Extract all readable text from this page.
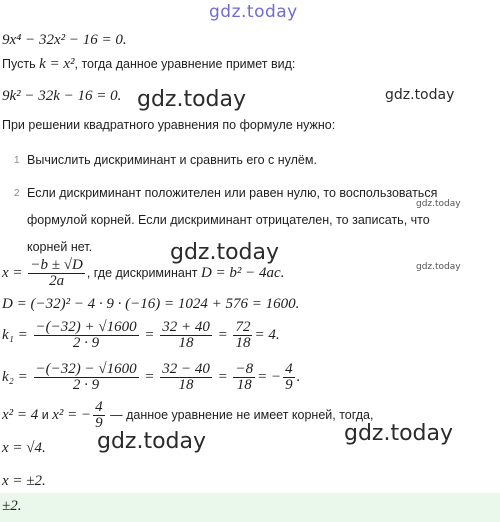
gdz.today
9x⁴ − 32x² − 16 = 0.
Пусть k = x², тогда данное уравнение примет вид:
9k² − 32k − 16 = 0.
При решении квадратного уравнения по формуле нужно:
1 Вычислить дискриминант и сравнить его с нулём.
2 Если дискриминант положителен или равен нулю, то воспользоваться
формулой корней. Если дискриминант отрицателен, то записать, что
корней нет.
$x = \frac{-b \pm √D}{2a}$ , где дискриминант D = b² − 4ac.
D = (−32)² − 4 · 9 · (−16) = 1024 + 576 = 1600.
$k_1 = \frac{-(-32) + √1600}{2 \cdot 9} = \frac{32 + 40}{18} = \frac{72}{18} = 4$.
$k_2 = \frac{-(-32) - √1600}{2 \cdot 9} = \frac{32 - 40}{18} = \frac{-8}{18}$ = − $\frac{4}{9}$ .
x² = 4 и x² = − $\frac{4}{9}$ — данное уравнение не имеет корней, тогда,
x = √4.
x = ±2.
±2.
gdz.today	gdz.today
gdz.today
gdz.today
gdz.today
gdz.today	gdz.today
